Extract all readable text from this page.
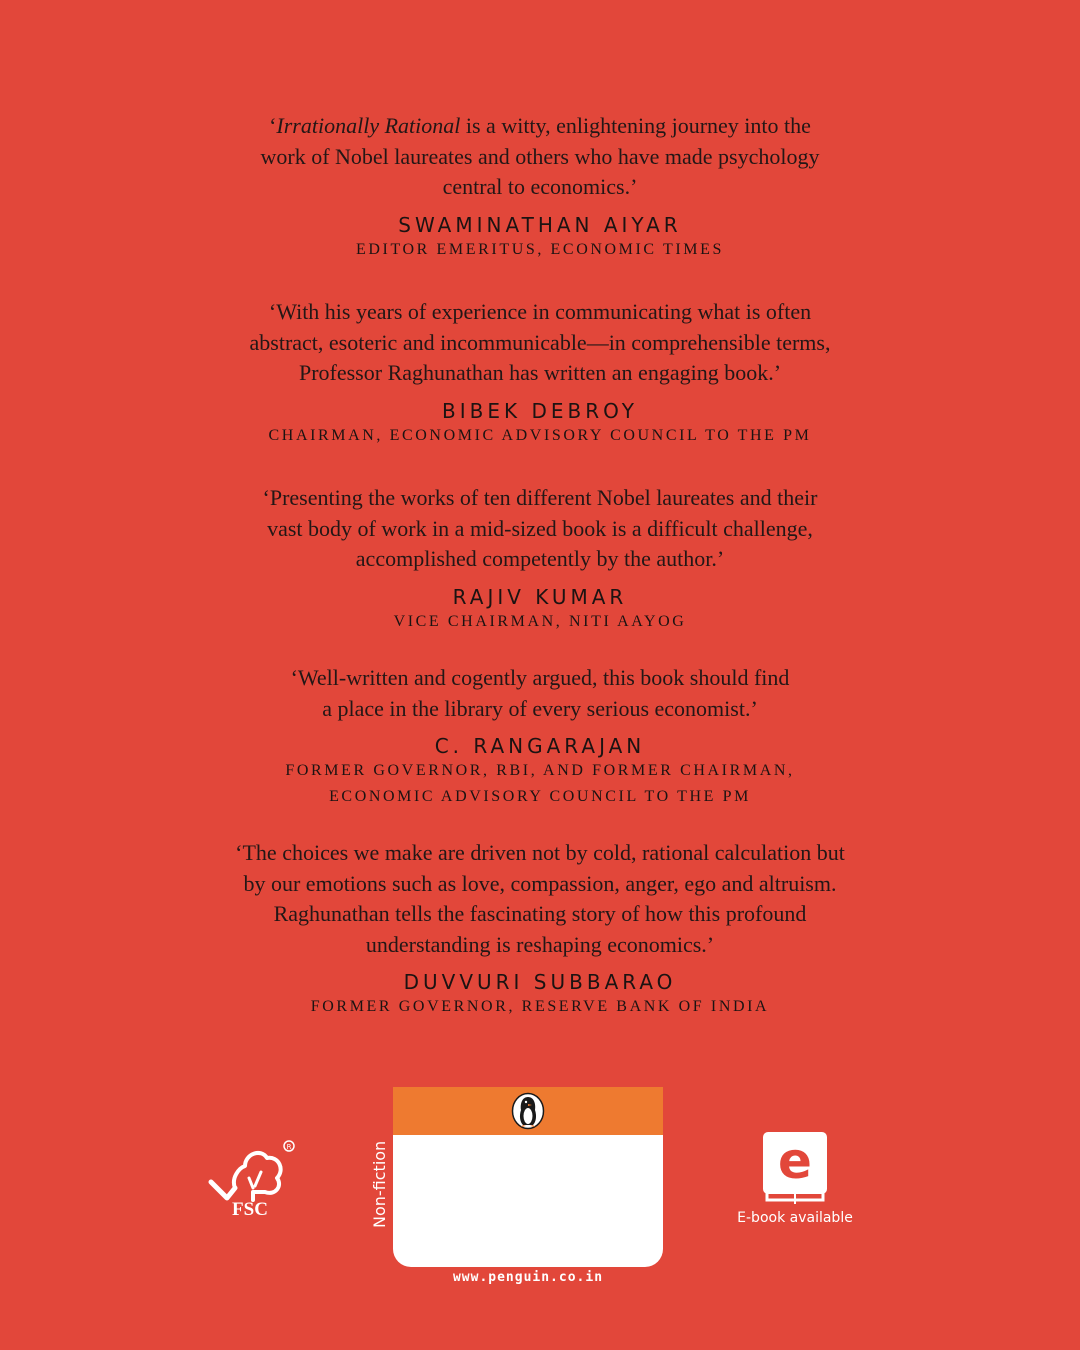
‘Irrationally Rational is a witty, enlightening journey into the
work of Nobel laureates and others who have made psychology
central to economics.’
SWAMINATHAN AIYAR
EDITOR EMERITUS, ECONOMIC TIMES
‘With his years of experience in communicating what is often
abstract, esoteric and incommunicable—in comprehensible terms,
Professor Raghunathan has written an engaging book.’
BIBEK DEBROY
CHAIRMAN, ECONOMIC ADVISORY COUNCIL TO THE PM
‘Presenting the works of ten different Nobel laureates and their
vast body of work in a mid-sized book is a difficult challenge,
accomplished competently by the author.’
RAJIV KUMAR
VICE CHAIRMAN, NITI AAYOG
‘Well-written and cogently argued, this book should find
a place in the library of every serious economist.’
C. RANGARAJAN
FORMER GOVERNOR, RBI, AND FORMER CHAIRMAN,
ECONOMIC ADVISORY COUNCIL TO THE PM
‘The choices we make are driven not by cold, rational calculation but
by our emotions such as love, compassion, anger, ego and altruism.
Raghunathan tells the fascinating story of how this profound
understanding is reshaping economics.’
DUVVURI SUBBARAO
FORMER GOVERNOR, RESERVE BANK OF INDIA
R
FSC	Non-fiction
www.penguin.co.in
e
E-book available
